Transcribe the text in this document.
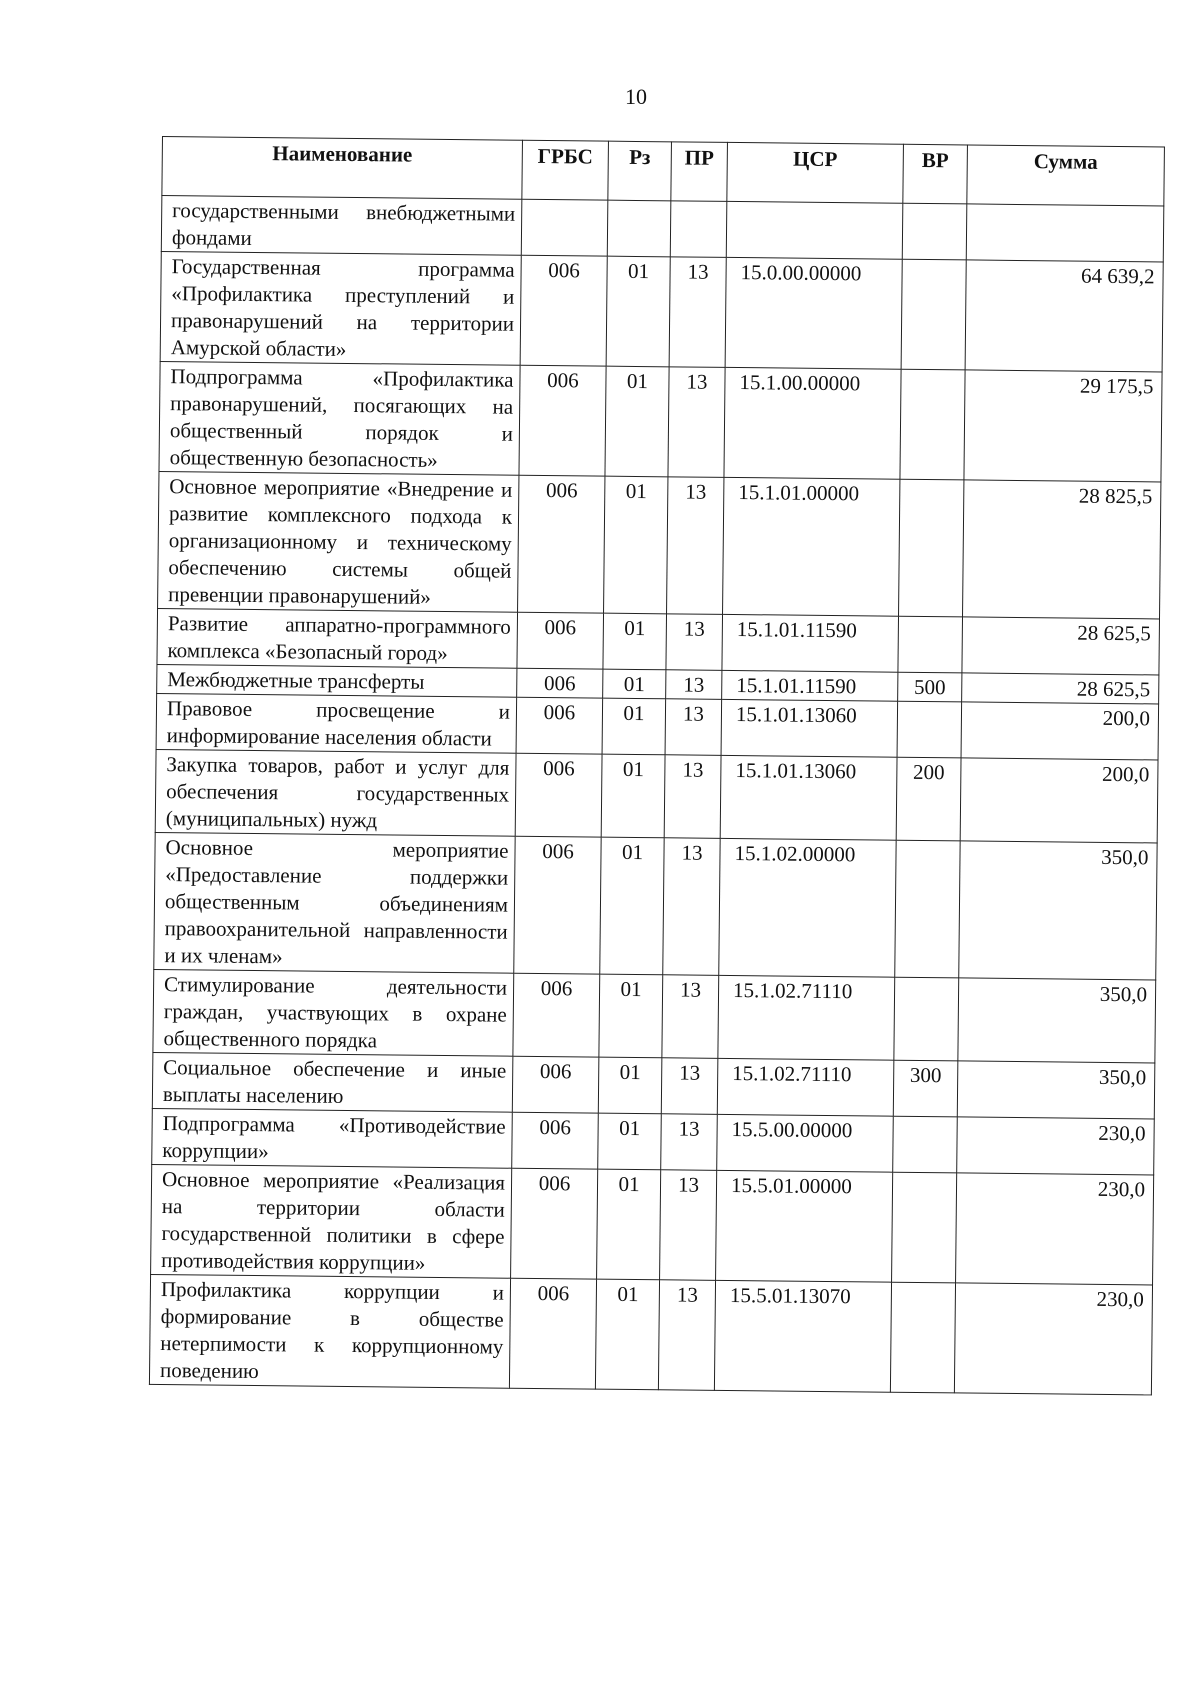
10
Наименование	ГРБС	Рз	ПР	ЦСР	ВР	Сумма
государственными внебюджетными фондами						
Государственная программа «Профилактика преступлений и правонарушений на территории Амурской области»	006	01	13	15.0.00.00000		64 639,2
Подпрограмма «Профилактика правонарушений, посягающих на общественный порядок и общественную безопасность»	006	01	13	15.1.00.00000		29 175,5
Основное мероприятие «Внедрение и развитие комплексного подхода к организационному и техническому обеспечению системы общей превенции правонарушений»	006	01	13	15.1.01.00000		28 825,5
Развитие аппаратно-программного комплекса «Безопасный город»	006	01	13	15.1.01.11590		28 625,5
Межбюджетные трансферты	006	01	13	15.1.01.11590	500	28 625,5
Правовое просвещение и информирование населения области	006	01	13	15.1.01.13060		200,0
Закупка товаров, работ и услуг для обеспечения государственных (муниципальных) нужд	006	01	13	15.1.01.13060	200	200,0
Основное мероприятие «Предоставление поддержки общественным объединениям правоохранительной направленности и их членам»	006	01	13	15.1.02.00000		350,0
Стимулирование деятельности граждан, участвующих в охране общественного порядка	006	01	13	15.1.02.71110		350,0
Социальное обеспечение и иные выплаты населению	006	01	13	15.1.02.71110	300	350,0
Подпрограмма «Противодействие коррупции»	006	01	13	15.5.00.00000		230,0
Основное мероприятие «Реализация на территории области государственной политики в сфере противодействия коррупции»	006	01	13	15.5.01.00000		230,0
Профилактика коррупции и формирование в обществе нетерпимости к коррупционному поведению	006	01	13	15.5.01.13070		230,0
